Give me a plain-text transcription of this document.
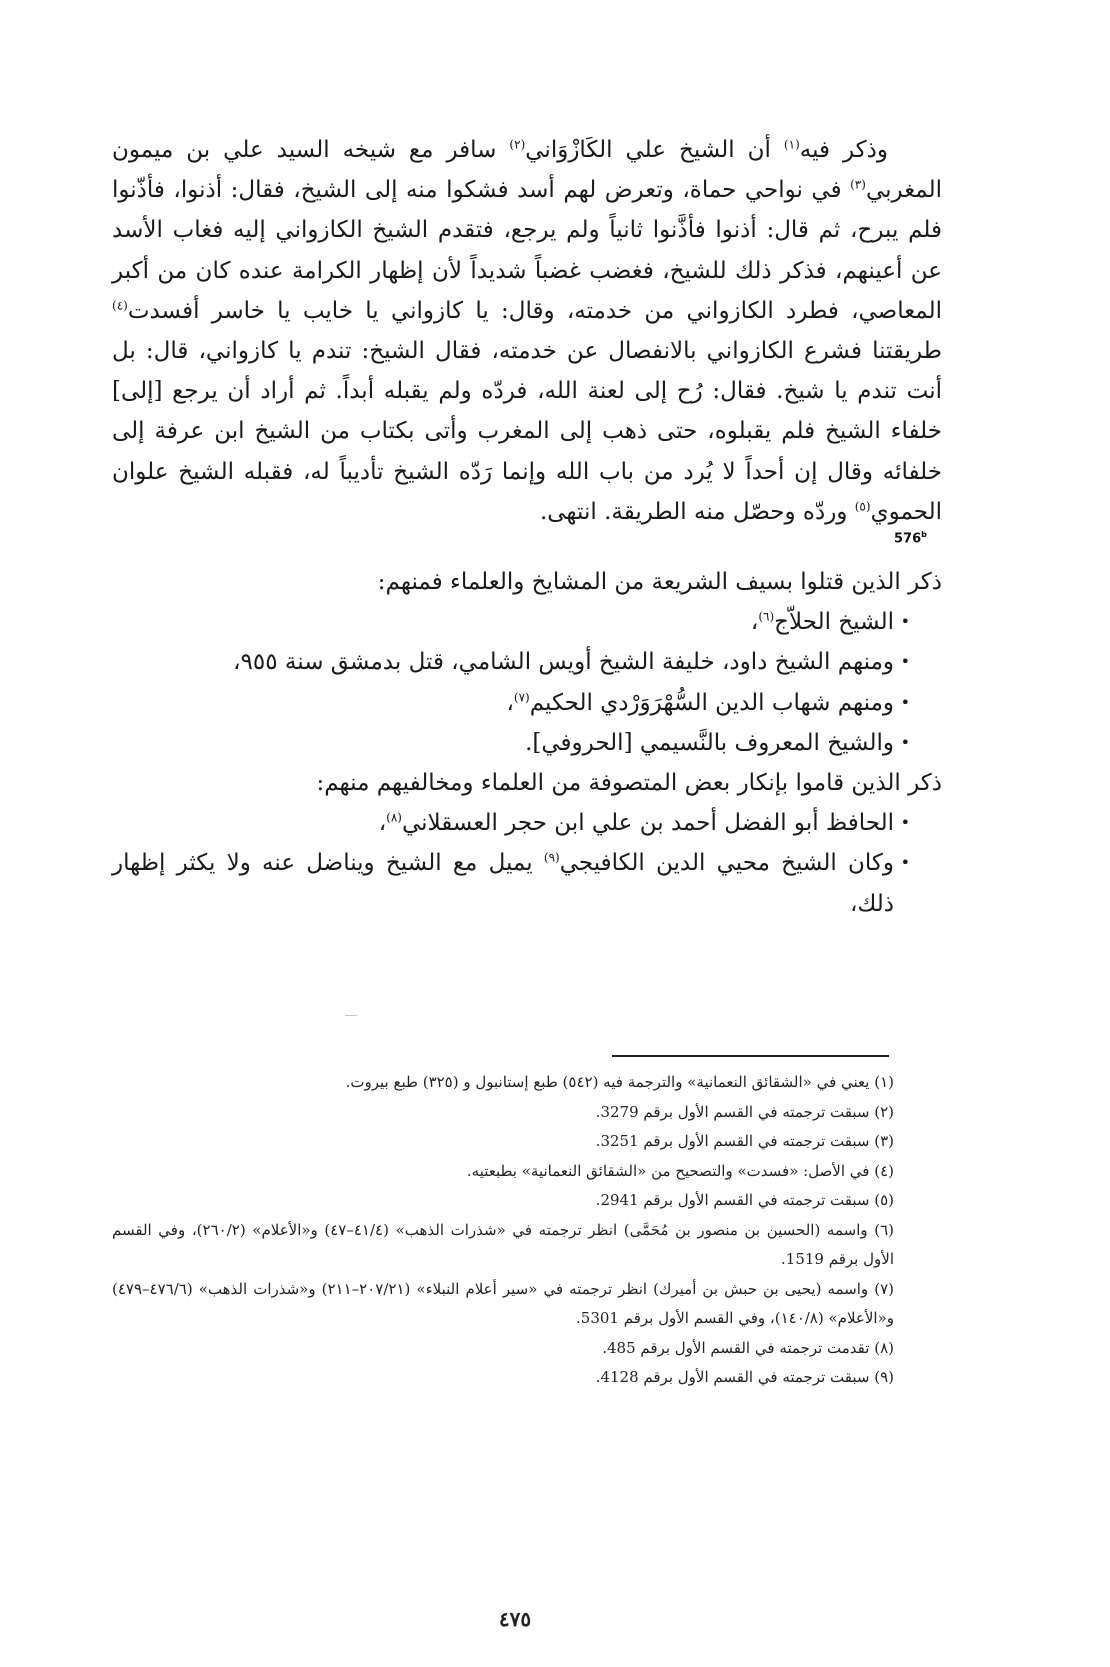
وذكر فيه$^{(١)}$ أن الشيخ علي الكَازْوَاني$^{(٢)}$ سافر مع شيخه السيد علي بن ميمون المغربي$^{(٣)}$ في نواحي حماة، وتعرض لهم أسد فشكوا منه إلى الشيخ، فقال: أذنوا، فأذّنوا فلم يبرح، ثم قال: أذنوا فأذَّنوا ثانياً ولم يرجع، فتقدم الشيخ الكازواني إليه فغاب الأسد عن أعينهم، فذكر ذلك للشيخ، فغضب غضباً شديداً لأن إظهار الكرامة عنده كان من أكبر المعاصي، فطرد الكازواني من خدمته، وقال: يا كازواني يا خايب يا خاسر أفسدت$^{(٤)}$ طريقتنا فشرع الكازواني بالانفصال عن خدمته، فقال الشيخ: تندم يا كازواني، قال: بل أنت تندم يا شيخ. فقال: رُح إلى لعنة الله، فردّه ولم يقبله أبداً. ثم أراد أن يرجع [إلى] خلفاء الشيخ فلم يقبلوه، حتى ذهب إلى المغرب وأتى بكتاب من الشيخ ابن عرفة إلى خلفائه وقال إن أحداً لا يُرد من باب الله وإنما رَدّه الشيخ تأديباً له، فقبله الشيخ علوان الحموي$^{(٥)}$ وردّه وحصّل منه الطريقة. انتهى.

576$^b$

ذكر الذين قتلوا بسيف الشريعة من المشايخ والعلماء فمنهم:

• الشيخ الحلاّج$^{(٦)}$،
• ومنهم الشيخ داود، خليفة الشيخ أويس الشامي، قتل بدمشق سنة ٩٥٥،
• ومنهم شهاب الدين السُّهْرَوَرْدي الحكيم$^{(٧)}$،
• والشيخ المعروف بالنَّسيمي [الحروفي].

ذكر الذين قاموا بإنكار بعض المتصوفة من العلماء ومخالفيهم منهم:

• الحافظ أبو الفضل أحمد بن علي ابن حجر العسقلاني$^{(٨)}$،
• وكان الشيخ محيي الدين الكافيجي$^{(٩)}$ يميل مع الشيخ ويناضل عنه ولا يكثر إظهار ذلك،

(١) يعني في «الشقائق النعمانية» والترجمة فيه (٥٤٢) طبع إستانبول و (٣٢٥) طبع بيروت.

(٢) سبقت ترجمته في القسم الأول برقم 3279.

(٣) سبقت ترجمته في القسم الأول برقم 3251.

(٤) في الأصل: «فسدت» والتصحيح من «الشقائق النعمانية» بطبعتيه.

(٥) سبقت ترجمته في القسم الأول برقم 2941.

(٦) واسمه (الحسين بن منصور بن مُحَمَّى) انظر ترجمته في «شذرات الذهب» (٤١/٤–٤٧) و«الأعلام» (٢٦٠/٢)، وفي القسم الأول برقم 1519.

(٧) واسمه (يحيى بن حبش بن أميرك) انظر ترجمته في «سير أعلام النبلاء» (٢٠٧/٢١–٢١١) و«شذرات الذهب» (٤٧٦/٦–٤٧٩) و«الأعلام» (١٤٠/٨)، وفي القسم الأول برقم 5301.

(٨) تقدمت ترجمته في القسم الأول برقم 485.

(٩) سبقت ترجمته في القسم الأول برقم 4128.

٤٧٥
